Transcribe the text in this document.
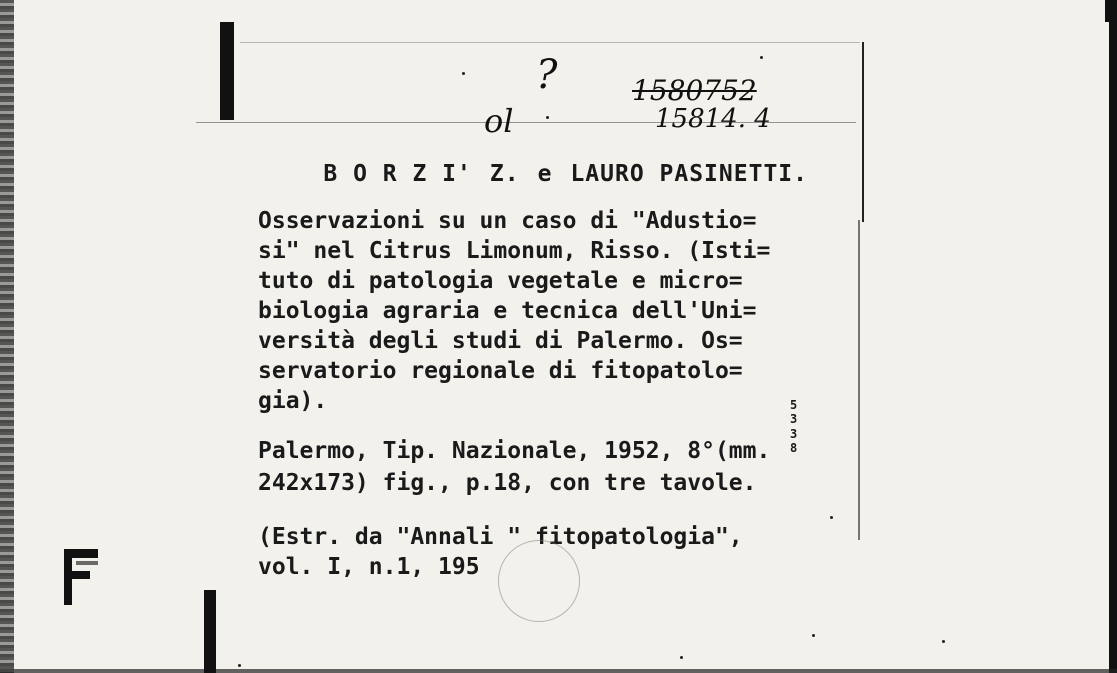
?
ol
1580752
15814. 4

B O R Z I' Z. e LAURO PASINETTI.

Osservazioni su un caso di "Adustio=
si" nel Citrus Limonum, Risso. (Isti=
tuto di patologia vegetale e micro=
biologia agraria e tecnica dell'Uni=
versità degli studi di Palermo. Os=
servatorio regionale di fitopatolo=
gia).	5
3
3
8
Palermo, Tip. Nazionale, 1952, 8°(mm.
242x173) fig., p.18, con tre tavole.
(Estr. da "Annali " fitopatologia",
vol. I, n.1, 195
